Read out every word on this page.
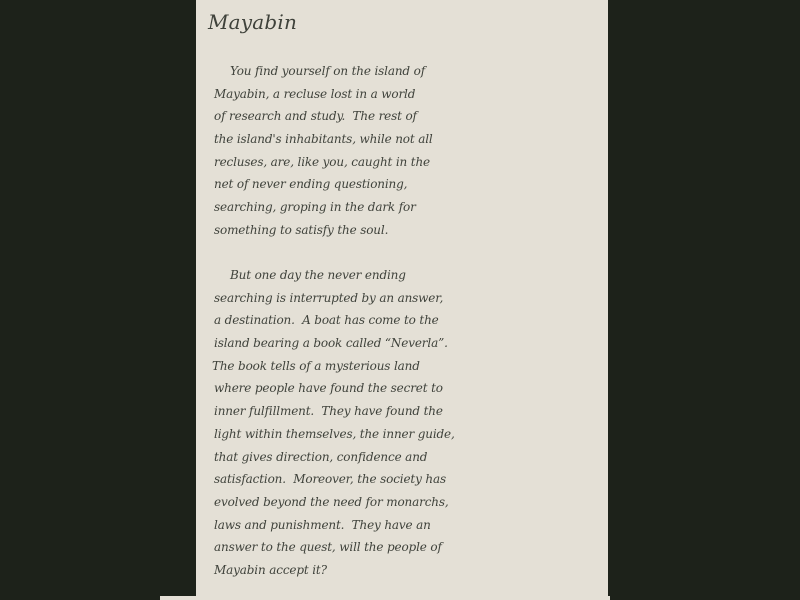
Mayabin
You find yourself on the island of
Mayabin, a recluse lost in a world
of research and study.  The rest of
the island's inhabitants, while not all
recluses, are, like you, caught in the
net of never ending questioning,
searching, groping in the dark for
something to satisfy the soul.
But one day the never ending
searching is interrupted by an answer,
a destination.  A boat has come to the
island bearing a book called “Neverla”.
The book tells of a mysterious land
where people have found the secret to
inner fulfillment.  They have found the
light within themselves, the inner guide,
that gives direction, confidence and
satisfaction.  Moreover, the society has
evolved beyond the need for monarchs,
laws and punishment.  They have an
answer to the quest, will the people of
Mayabin accept it?
